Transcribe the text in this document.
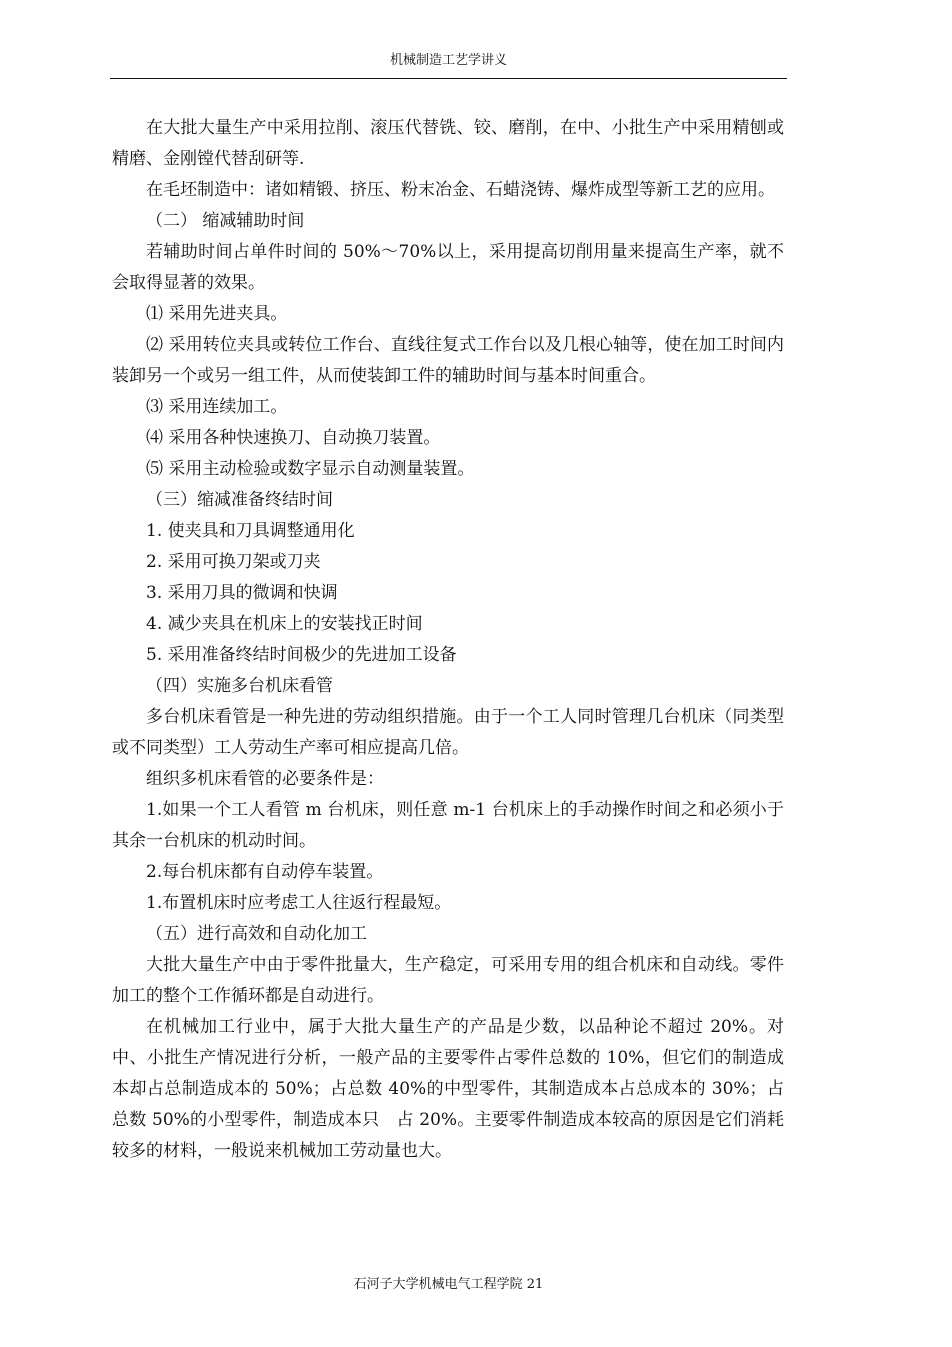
机械制造工艺学讲义

在大批大量生产中采用拉削、滚压代替铣、铰、磨削，在中、小批生产中采用精刨或精磨、金刚镗代替刮研等.

在毛坯制造中：诸如精锻、挤压、粉末冶金、石蜡浇铸、爆炸成型等新工艺的应用。

（二） 缩减辅助时间

若辅助时间占单件时间的 50%～70%以上，采用提高切削用量来提高生产率，就不会取得显著的效果。

⑴ 采用先进夹具。

⑵ 采用转位夹具或转位工作台、直线往复式工作台以及几根心轴等，使在加工时间内装卸另一个或另一组工件，从而使装卸工件的辅助时间与基本时间重合。

⑶ 采用连续加工。

⑷ 采用各种快速换刀、自动换刀装置。

⑸ 采用主动检验或数字显示自动测量装置。

（三）缩减准备终结时间

1. 使夹具和刀具调整通用化

2. 采用可换刀架或刀夹

3. 采用刀具的微调和快调

4. 减少夹具在机床上的安装找正时间

5. 采用准备终结时间极少的先进加工设备

（四）实施多台机床看管

多台机床看管是一种先进的劳动组织措施。由于一个工人同时管理几台机床（同类型或不同类型）工人劳动生产率可相应提高几倍。

组织多机床看管的必要条件是：

1.如果一个工人看管 m 台机床，则任意 m-1 台机床上的手动操作时间之和必须小于其余一台机床的机动时间。

2.每台机床都有自动停车装置。

1.布置机床时应考虑工人往返行程最短。

（五）进行高效和自动化加工

大批大量生产中由于零件批量大，生产稳定，可采用专用的组合机床和自动线。零件加工的整个工作循环都是自动进行。

在机械加工行业中，属于大批大量生产的产品是少数，以品种论不超过 20%。对中、小批生产情况进行分析，一般产品的主要零件占零件总数的 10%，但它们的制造成本却占总制造成本的 50%；占总数 40%的中型零件，其制造成本占总成本的 30%；占总数 50%的小型零件，制造成本只　占 20%。主要零件制造成本较高的原因是它们消耗较多的材料，一般说来机械加工劳动量也大。

石河子大学机械电气工程学院 21
